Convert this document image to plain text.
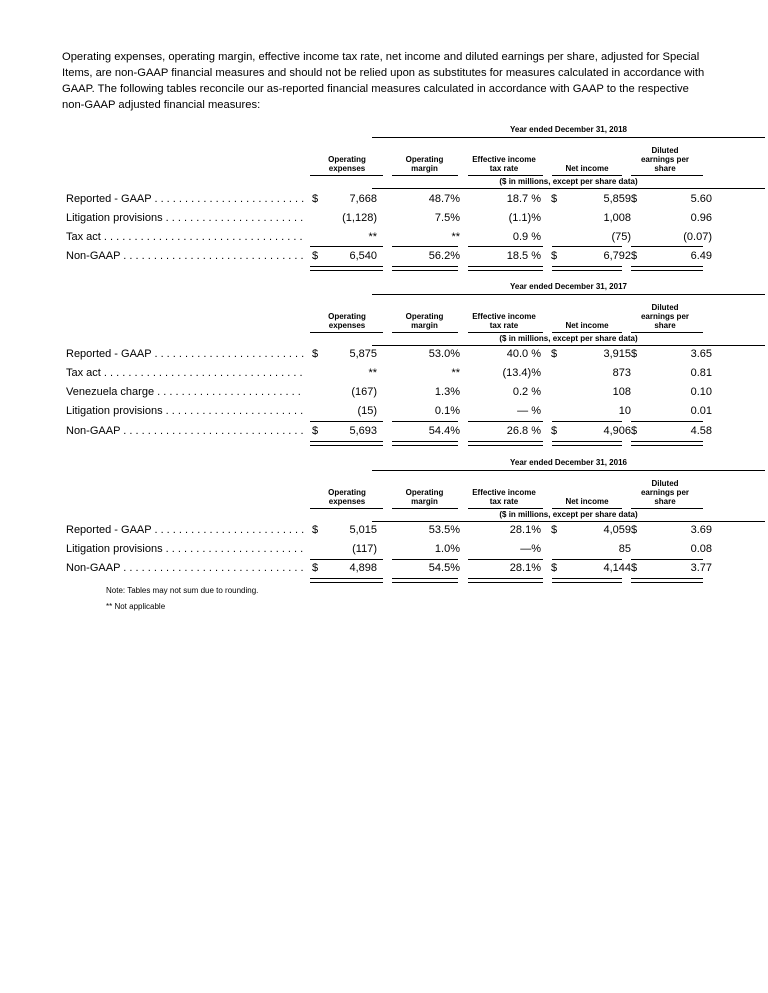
Operating expenses, operating margin, effective income tax rate, net income and diluted earnings per share, adjusted for Special Items, are non-GAAP financial measures and should not be relied upon as substitutes for measures calculated in accordance with GAAP. The following tables reconcile our as-reported financial measures calculated in accordance with GAAP to the respective non-GAAP adjusted financial measures:

Year ended December 31, 2018
Operating expenses
Operating margin
Effective income tax rate	Net income
Diluted earnings per share
($ in millions, except per share data)
Reported - GAAP . . .	$	7,668	48.7%	18.7 % $	5,859 $	5.60
Litigation provisions . . .	(1,128)	7.5%	(1.1)%	1,008	0.96
Tax act . . .	**	**	0.9 %	(75)	(0.07)
Non-GAAP . . .	$	6,540	56.2%	18.5 % $	6,792 $	6.49
Year ended December 31, 2017
Operating expenses
Operating margin
Effective income tax rate	Net income
Diluted earnings per share
($ in millions, except per share data)
Reported - GAAP . . .	$	5,875	53.0%	40.0 % $	3,915 $	3.65
Tax act . . .	**	**	(13.4)%	873	0.81
Venezuela charge . . .	(167)	1.3%	0.2 %	108	0.10
Litigation provisions . . .	(15)	0.1%	— %	10	0.01
Non-GAAP . . .	$	5,693	54.4%	26.8 % $	4,906 $	4.58
Year ended December 31, 2016
Operating expenses
Operating margin
Effective income tax rate	Net income
Diluted earnings per share
($ in millions, except per share data)
Reported - GAAP . . .	$	5,015	53.5%	28.1% $	4,059 $	3.69
Litigation provisions . . .	(117)	1.0%	—%	85	0.08
Non-GAAP . . .	$	4,898	54.5%	28.1% $	4,144 $	3.77

Note: Tables may not sum due to rounding.

** Not applicable
